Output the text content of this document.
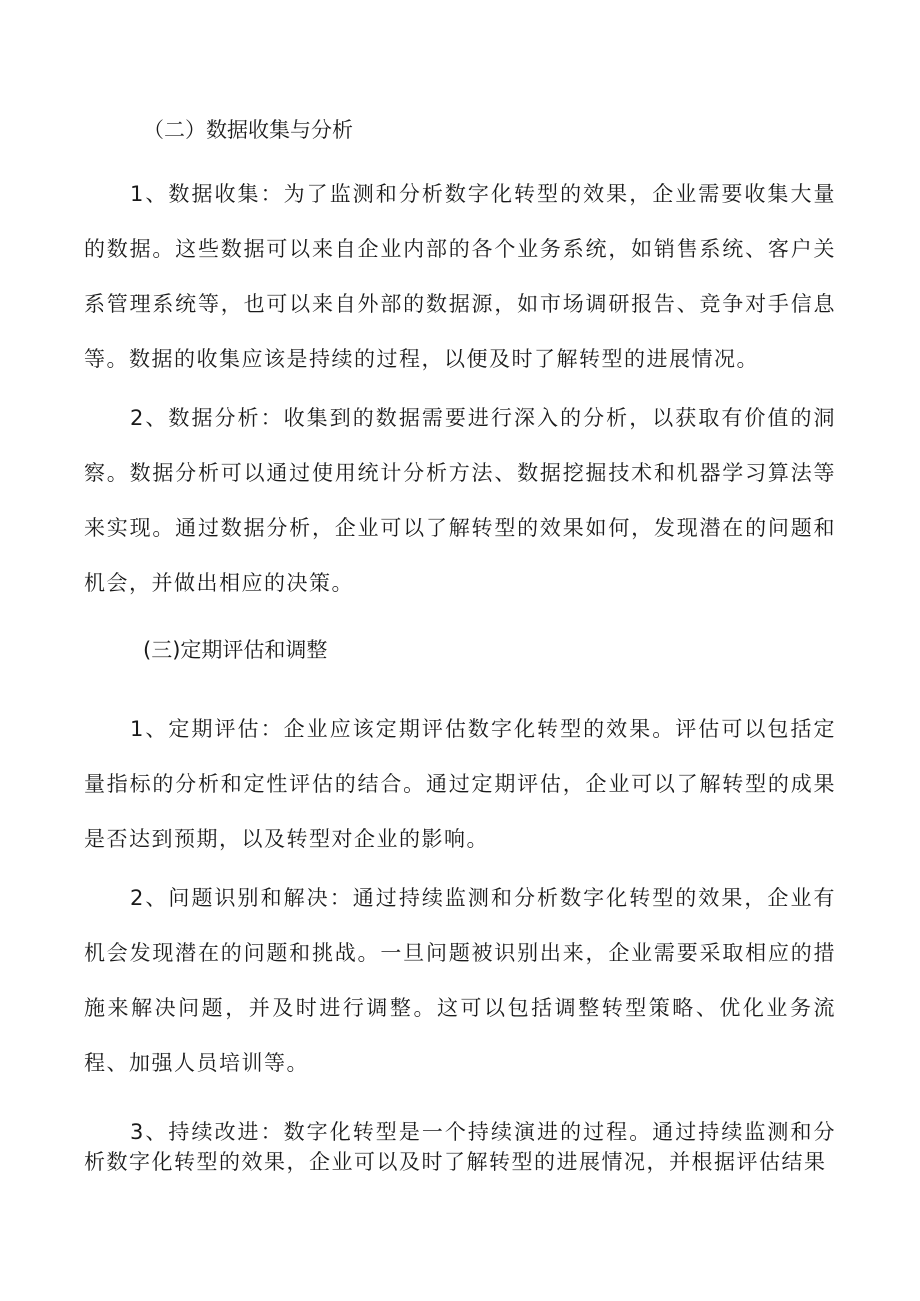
（二）数据收集与分析

1、数据收集：为了监测和分析数字化转型的效果，企业需要收集大量的数据。这些数据可以来自企业内部的各个业务系统，如销售系统、客户关系管理系统等，也可以来自外部的数据源，如市场调研报告、竞争对手信息等。数据的收集应该是持续的过程，以便及时了解转型的进展情况。

2、数据分析：收集到的数据需要进行深入的分析，以获取有价值的洞察。数据分析可以通过使用统计分析方法、数据挖掘技术和机器学习算法等来实现。通过数据分析，企业可以了解转型的效果如何，发现潜在的问题和机会，并做出相应的决策。

(三)定期评估和调整

1、定期评估：企业应该定期评估数字化转型的效果。评估可以包括定量指标的分析和定性评估的结合。通过定期评估，企业可以了解转型的成果是否达到预期，以及转型对企业的影响。

2、问题识别和解决：通过持续监测和分析数字化转型的效果，企业有机会发现潜在的问题和挑战。一旦问题被识别出来，企业需要采取相应的措施来解决问题，并及时进行调整。这可以包括调整转型策略、优化业务流程、加强人员培训等。

3、持续改进：数字化转型是一个持续演进的过程。通过持续监测和分析数字化转型的效果，企业可以及时了解转型的进展情况，并根据评估结果
